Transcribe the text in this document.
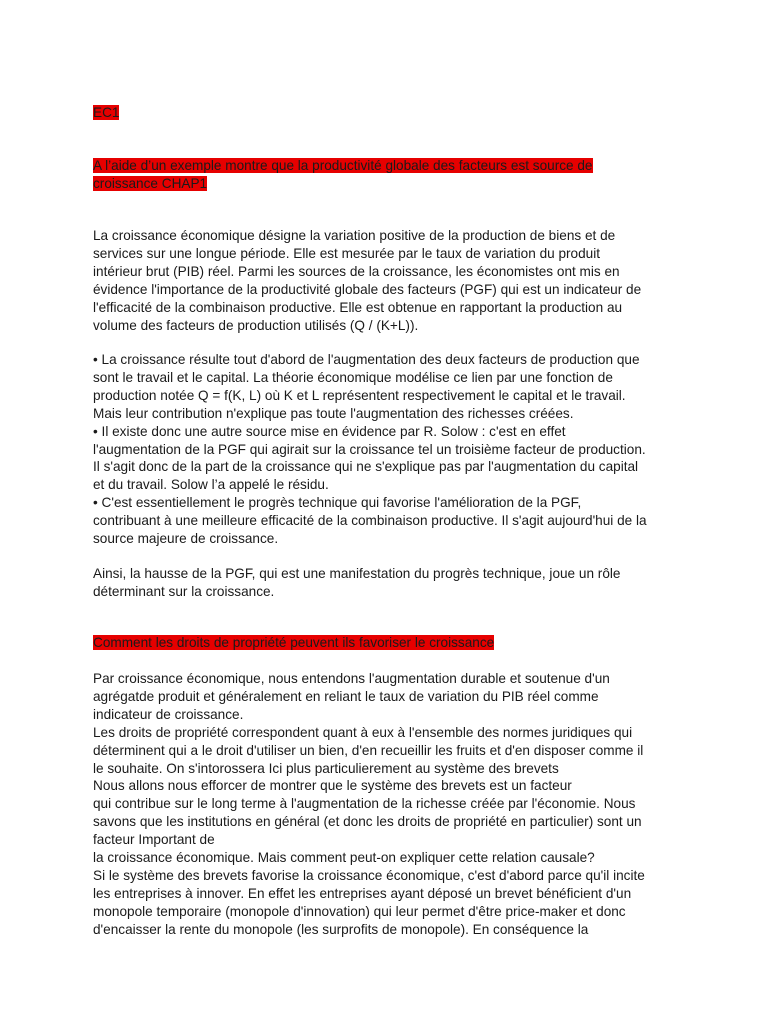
EC1
A l’aide d’un exemple montre que la productivité globale des facteurs est source de
croissance CHAP1
La croissance économique désigne la variation positive de la production de biens et de
services sur une longue période. Elle est mesurée par le taux de variation du produit
intérieur brut (PIB) réel. Parmi les sources de la croissance, les économistes ont mis en
évidence l'importance de la productivité globale des facteurs (PGF) qui est un indicateur de
l'efficacité de la combinaison productive. Elle est obtenue en rapportant la production au
volume des facteurs de production utilisés (Q / (K+L)).
• La croissance résulte tout d'abord de l'augmentation des deux facteurs de production que
sont le travail et le capital. La théorie économique modélise ce lien par une fonction de
production notée Q = f(K, L) où K et L représentent respectivement le capital et le travail.
Mais leur contribution n'explique pas toute l'augmentation des richesses créées.
• Il existe donc une autre source mise en évidence par R. Solow : c'est en effet
l'augmentation de la PGF qui agirait sur la croissance tel un troisième facteur de production.
Il s'agit donc de la part de la croissance qui ne s'explique pas par l'augmentation du capital
et du travail. Solow l’a appelé le résidu.
• C'est essentiellement le progrès technique qui favorise l'amélioration de la PGF,
contribuant à une meilleure efficacité de la combinaison productive. Il s'agit aujourd'hui de la
source majeure de croissance.
Ainsi, la hausse de la PGF, qui est une manifestation du progrès technique, joue un rôle
déterminant sur la croissance.
Comment les droits de propriété peuvent ils favoriser le croissance
Par croissance économique, nous entendons l'augmentation durable et soutenue d'un
agrégatde produit et généralement en reliant le taux de variation du PIB réel comme
indicateur de croissance.
Les droits de propriété correspondent quant à eux à l'ensemble des normes juridiques qui
déterminent qui a le droit d'utiliser un bien, d'en recueillir les fruits et d'en disposer comme il
le souhaite. On s'intorossera Ici plus particulierement au système des brevets
Nous allons nous efforcer de montrer que le système des brevets est un facteur
qui contribue sur le long terme à l'augmentation de la richesse créée par l'économie. Nous
savons que les institutions en général (et donc les droits de propriété en particulier) sont un
facteur Important de
la croissance économique. Mais comment peut-on expliquer cette relation causale?
Si le système des brevets favorise la croissance économique, c'est d'abord parce qu'il incite
les entreprises à innover. En effet les entreprises ayant déposé un brevet bénéficient d'un
monopole temporaire (monopole d'innovation) qui leur permet d'être price-maker et donc
d'encaisser la rente du monopole (les surprofits de monopole). En conséquence la
